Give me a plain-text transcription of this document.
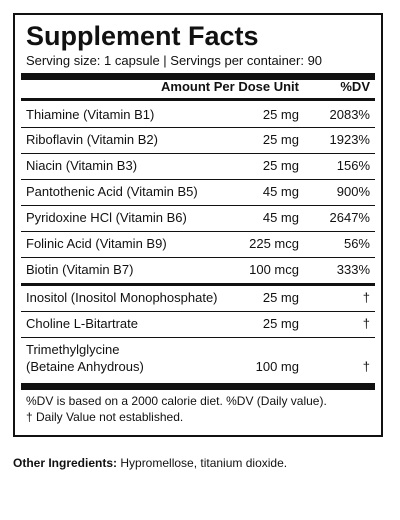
Supplement Facts
Serving size: 1 capsule | Servings per container: 90
Amount Per Dose Unit	%DV
Thiamine (Vitamin B1)	25 mg 2083%
Riboflavin (Vitamin B2)	25 mg 1923%
Niacin (Vitamin B3)	25 mg	156%
Pantothenic Acid (Vitamin B5)	45 mg	900%
Pyridoxine HCl (Vitamin B6)	45 mg 2647%
Folinic Acid (Vitamin B9)	225 mcg	56%
Biotin (Vitamin B7)	100 mcg	333%
Inositol (Inositol Monophosphate)	25 mg	†
Choline L-Bitartrate	25 mg	†
Trimethylglycine
(Betaine Anhydrous)	100 mg	†
%DV is based on a 2000 calorie diet. %DV (Daily value).
† Daily Value not established.
Other Ingredients: Hypromellose, titanium dioxide.
